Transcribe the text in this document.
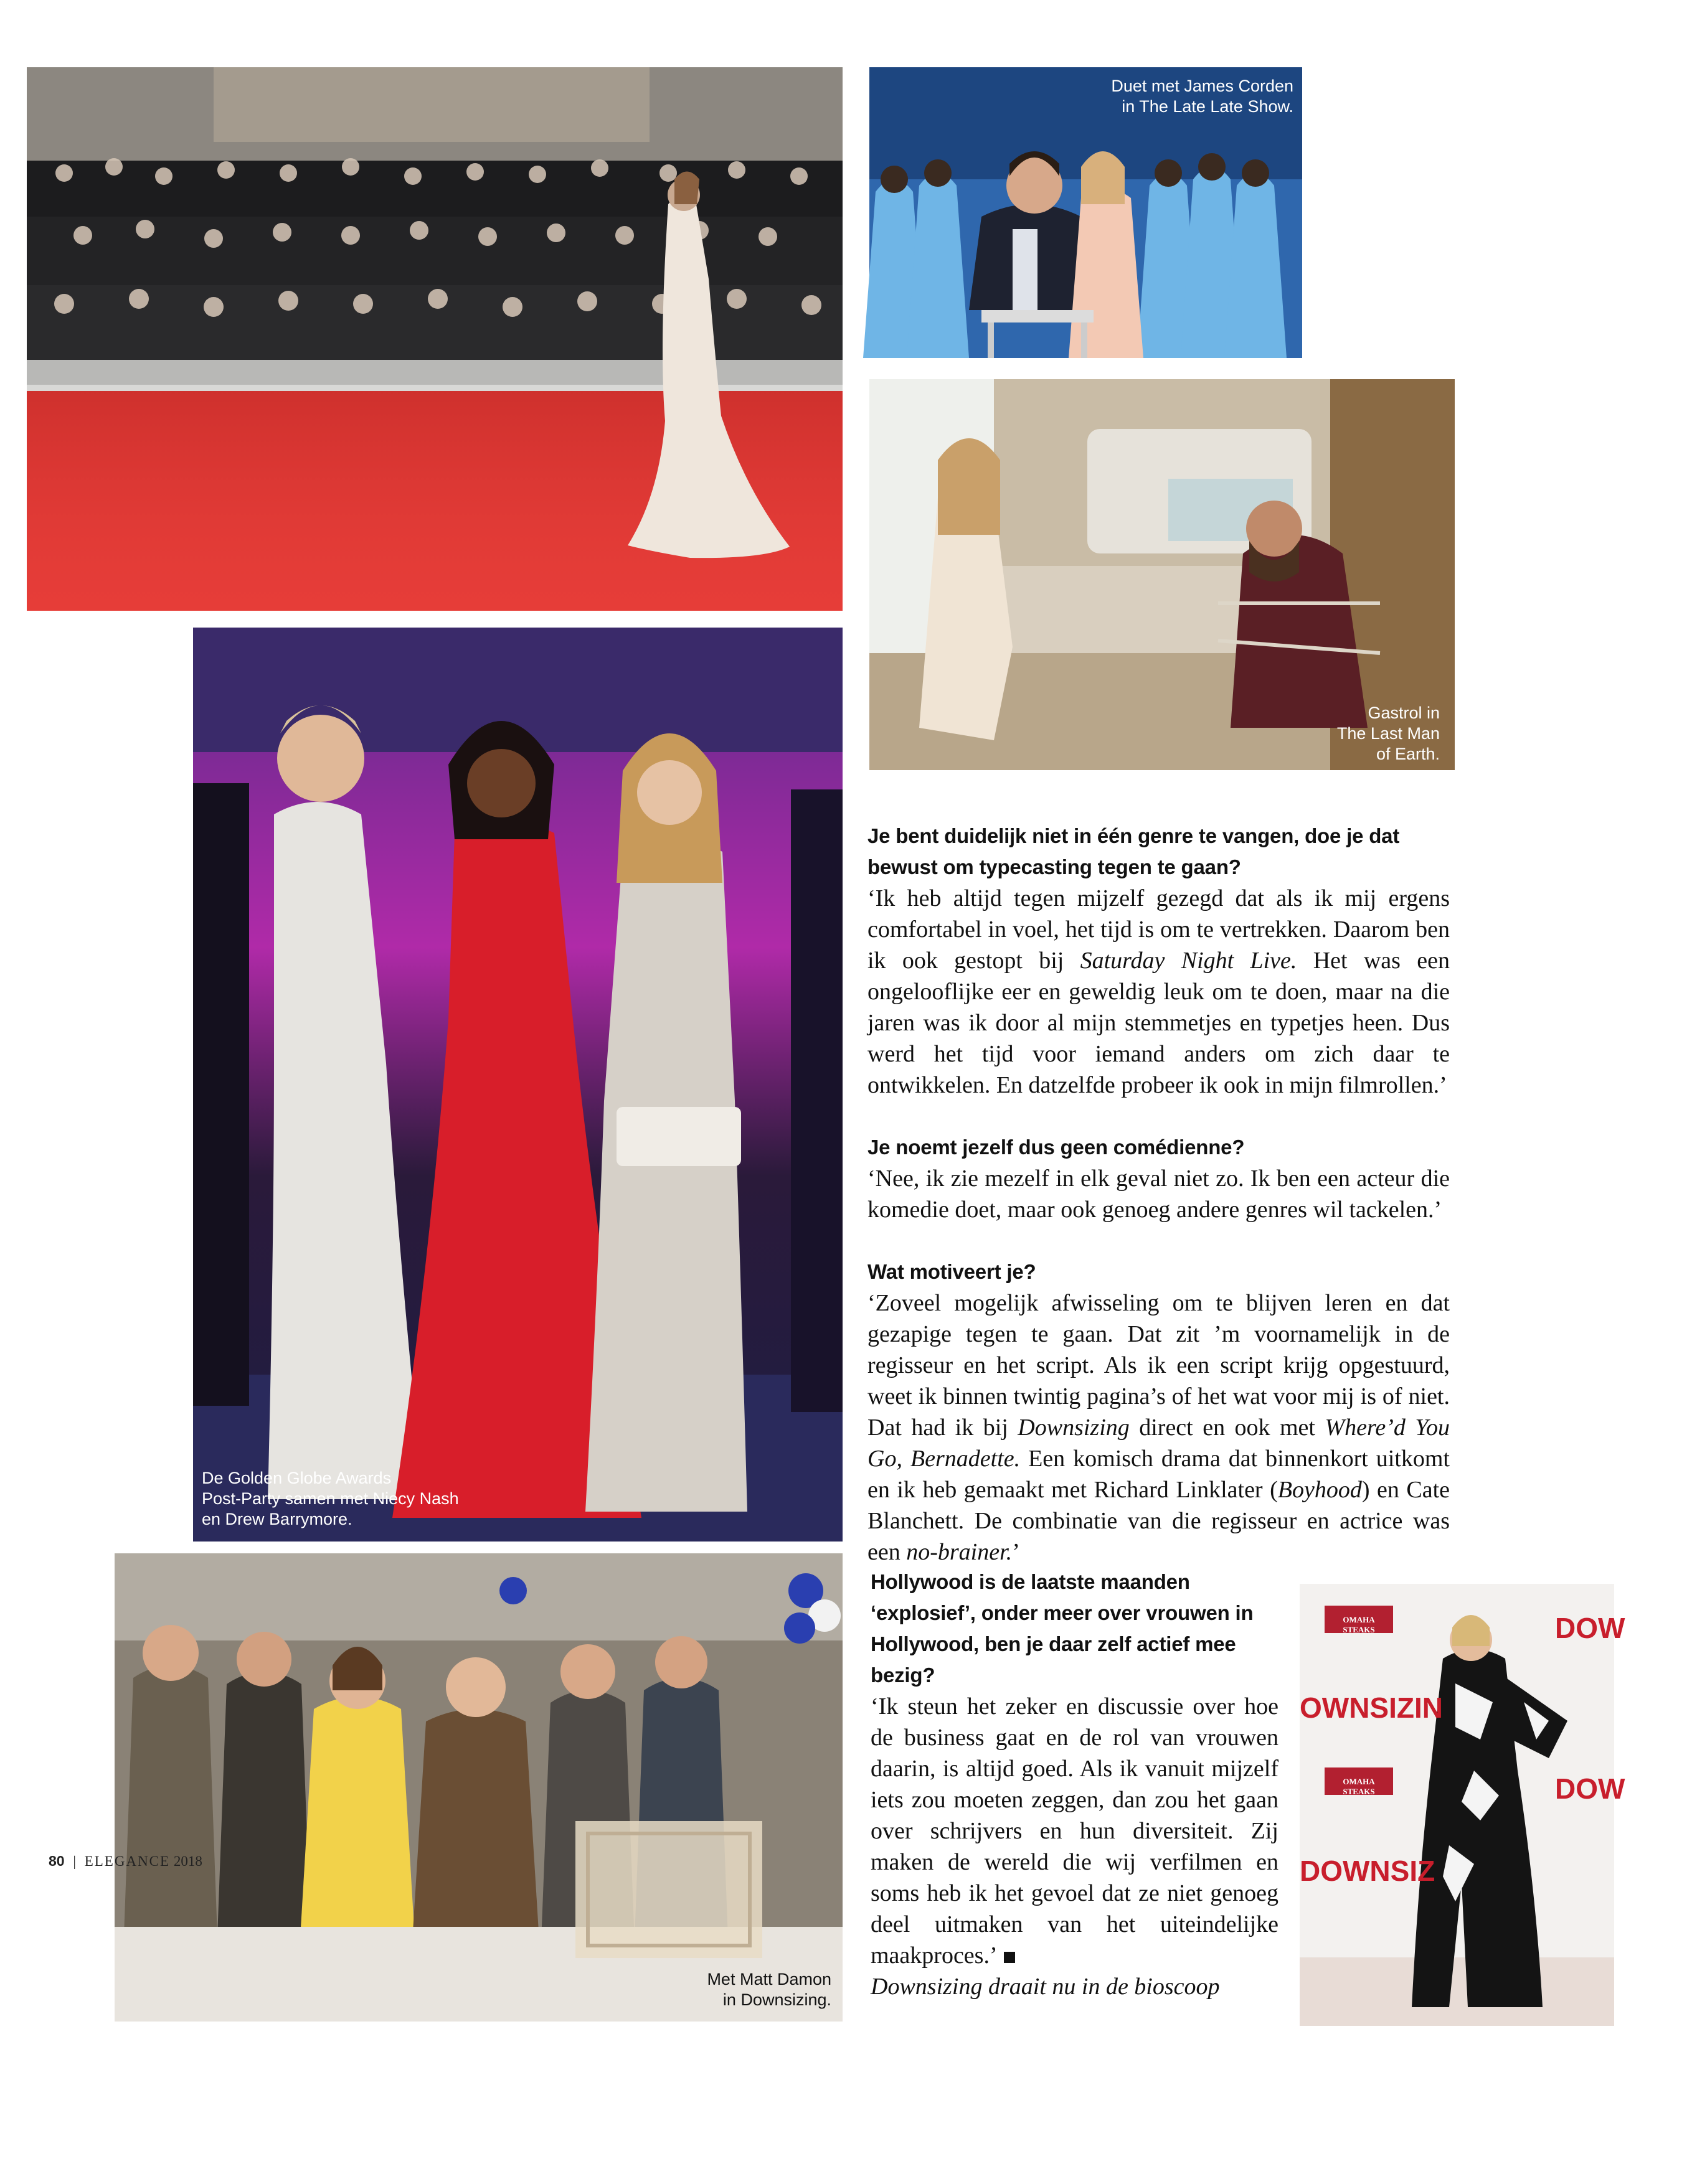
Duet met James Corden
in The Late Late Show.
Gastrol in
The Last Man
of Earth.
De Golden Globe Awards
Post-Party samen met Niecy Nash
en Drew Barrymore.
Met Matt Damon
in Downsizing.
DOW
OWNSIZIN
DOW
DOWNSIZ
OMAHA STEAKS
OMAHA STEAKS

Je bent duidelijk niet in één genre te vangen, doe je dat bewust om typecasting tegen te gaan?

‘Ik heb altijd tegen mijzelf gezegd dat als ik mij ergens comfortabel in voel, het tijd is om te vertrekken. Daarom ben ik ook gestopt bij Saturday Night Live. Het was een ongelooflijke eer en geweldig leuk om te doen, maar na die jaren was ik door al mijn stemmetjes en typetjes heen. Dus werd het tijd voor iemand anders om zich daar te ontwikkelen. En datzelfde probeer ik ook in mijn filmrollen.’

Je noemt jezelf dus geen comédienne?

‘Nee, ik zie mezelf in elk geval niet zo. Ik ben een acteur die komedie doet, maar ook genoeg andere genres wil tackelen.’

Wat motiveert je?

‘Zoveel mogelijk afwisseling om te blijven leren en dat gezapige tegen te gaan. Dat zit ’m voornamelijk in de regisseur en het script. Als ik een script krijg opgestuurd, weet ik binnen twintig pagina’s of het wat voor mij is of niet. Dat had ik bij Downsizing direct en ook met Where’d You Go, Bernadette. Een komisch drama dat binnenkort uitkomt en ik heb gemaakt met Richard Linklater (Boyhood) en Cate Blanchett. De combinatie van die regisseur en actrice was een no-brainer.’

Hollywood is de laatste maanden ‘explosief’, onder meer over vrouwen in Hollywood, ben je daar zelf actief mee bezig?

‘Ik steun het zeker en discussie over hoe de business gaat en de rol van vrouwen daarin, is altijd goed. Als ik vanuit mijzelf iets zou moeten zeggen, dan zou het gaan over schrijvers en hun diversiteit. Zij maken de wereld die wij verfilmen en soms heb ik het gevoel dat ze niet genoeg deel uitmaken van het uiteindelijke maakproces.’

Downsizing draait nu in de bioscoop

80 | ELEGANCE 2018
